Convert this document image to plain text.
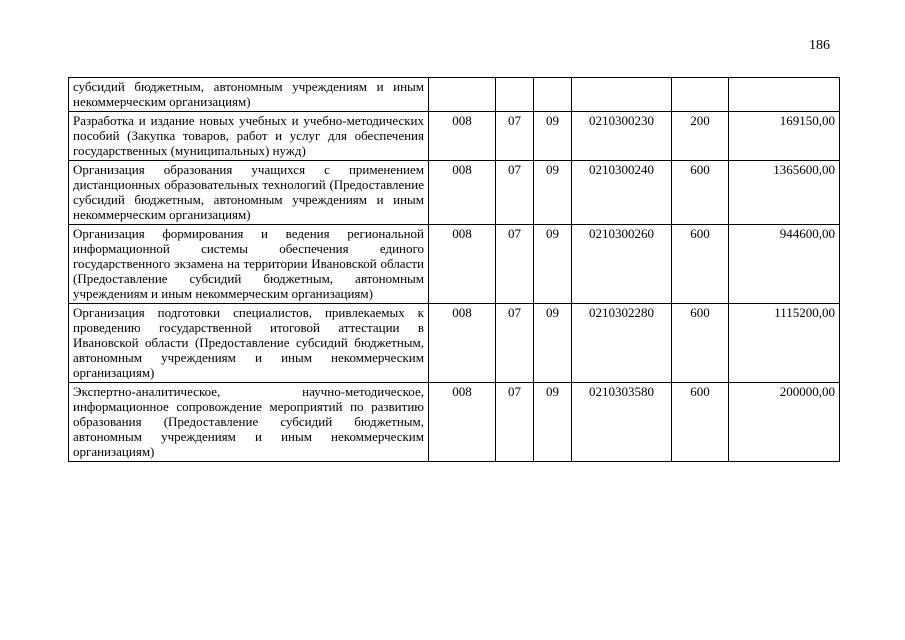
186
субсидий бюджетным, автономным учреждениям и иным некоммерческим организациям)						
Разработка и издание новых учебных и учебно-методических пособий (Закупка товаров, работ и услуг для обеспечения государственных (муниципальных) нужд)	008	07	09	0210300230	200	169150,00
Организация образования учащихся с применением дистанционных образовательных технологий (Предоставление субсидий бюджетным, автономным учреждениям и иным некоммерческим организациям)	008	07	09	0210300240	600	1365600,00
Организация формирования и ведения региональной информационной системы обеспечения единого государственного экзамена на территории Ивановской области (Предоставление субсидий бюджетным, автономным учреждениям и иным некоммерческим организациям)	008	07	09	0210300260	600	944600,00
Организация подготовки специалистов, привлекаемых к проведению государственной итоговой аттестации в Ивановской области (Предоставление субсидий бюджетным, автономным учреждениям и иным некоммерческим организациям)	008	07	09	0210302280	600	1115200,00
Экспертно-аналитическое, научно-методическое, информационное сопровождение мероприятий по развитию образования (Предоставление субсидий бюджетным, автономным учреждениям и иным некоммерческим организациям)	008	07	09	0210303580	600	200000,00
